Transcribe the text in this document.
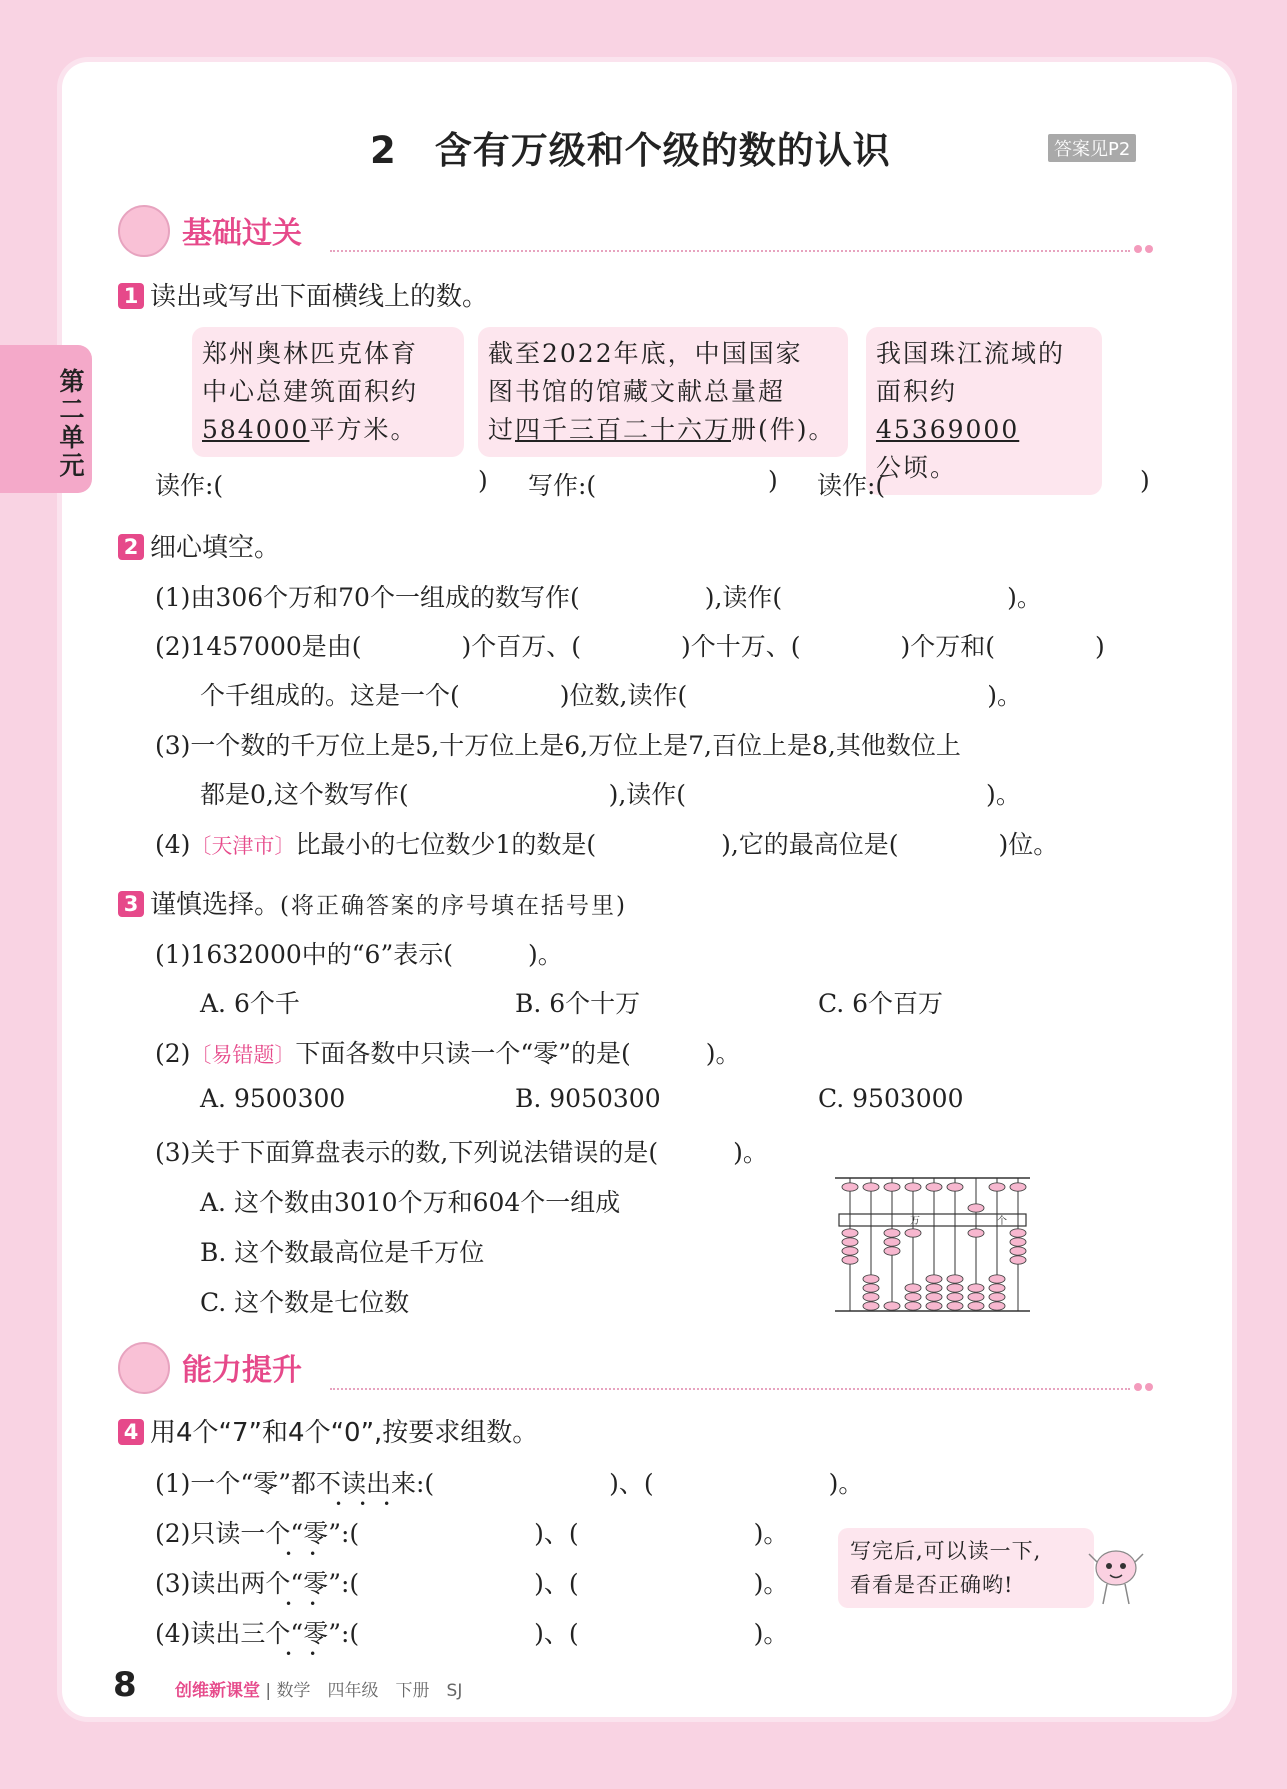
第
二
单
元
2　含有万级和个级的数的认识	答案见P2
基础过关
1 读出或写出下面横线上的数。
郑州奥林匹克体育
中心总建筑面积约
584000平方米。
截至2022年底，中国国家
图书馆的馆藏文献总量超
过四千三百二十六万册(件)。
我国珠江流域的
面积约45369000
公顷。
读作:(	) 写作:(	) 读作:(	)
2 细心填空。
(1)由306个万和70个一组成的数写作(　　　　　),读作(　　　　　　　　　)。
(2)1457000是由(　　　　)个百万、(　　　　)个十万、(　　　　)个万和(　　　　)
个千组成的。这是一个(　　　　)位数,读作(　　　　　　　　　　　　)。
(3)一个数的千万位上是5,十万位上是6,万位上是7,百位上是8,其他数位上
都是0,这个数写作(　　　　　　　　),读作(　　　　　　　　　　　　)。
(4)〔天津市〕比最小的七位数少1的数是(　　　　　),它的最高位是(　　　　)位。
3 谨慎选择。(将正确答案的序号填在括号里)
(1)1632000中的“6”表示(　　　)。
A. 6个千	B. 6个十万	C. 6个百万
(2)〔易错题〕下面各数中只读一个“零”的是(　　　)。
A. 9500300	B. 9050300	C. 9503000
(3)关于下面算盘表示的数,下列说法错误的是(　　　)。
A. 这个数由3010个万和604个一组成
B. 这个数最高位是千万位
C. 这个数是七位数
万	个
能力提升
4 用4个“7”和4个“0”,按要求组数。
(1)一个“零”都不读出来:(　　　　　　　)、(　　　　　　　)。
(2)只读一个“零”:(　　　　　　　)、(　　　　　　　)。
(3)读出两个“零”:(　　　　　　　)、(　　　　　　　)。
(4)读出三个“零”:(　　　　　　　)、(　　　　　　　)。
•••
••
••
••
写完后,可以读一下,
看看是否正确哟!
8 创维新课堂 | 数学　四年级　下册　SJ
